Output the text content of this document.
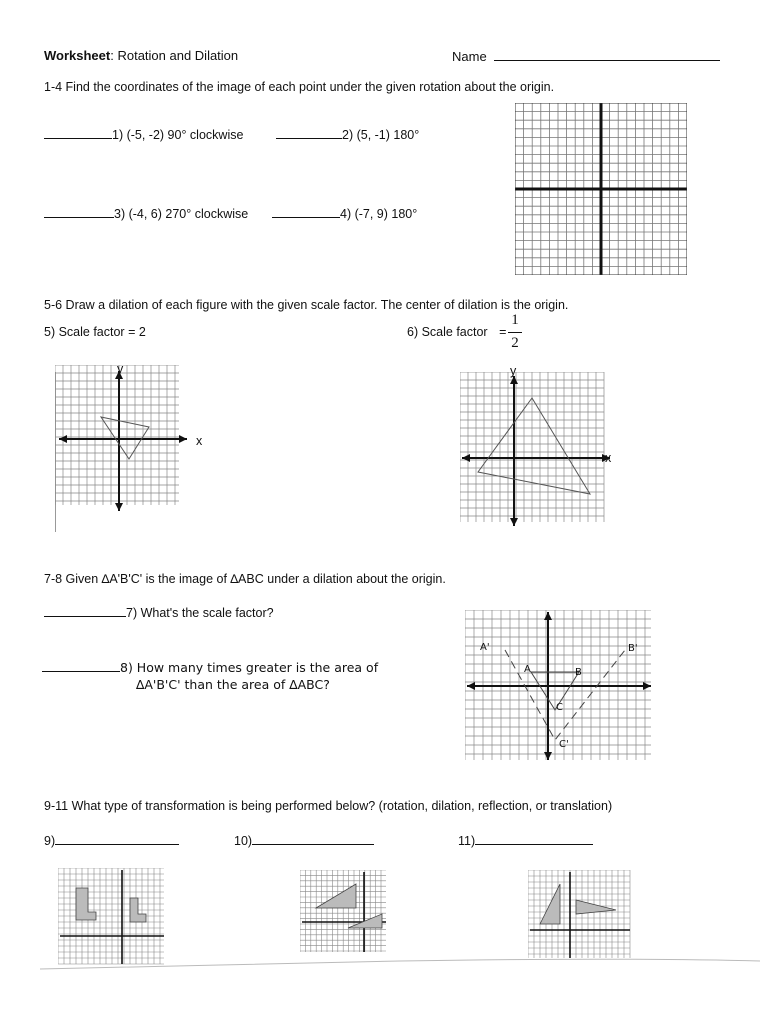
Worksheet: Rotation and Dilation	Name
1-4 Find the coordinates of the image of each point under the given rotation about the origin.
1) (-5, -2) 90° clockwise	2) (5, -1) 180°
3) (-4, 6) 270° clockwise	4) (-7, 9) 180°
5-6 Draw a dilation of each figure with the given scale factor. The center of dilation is the origin.
5) Scale factor = 2	6) Scale factor =
1
2
y
x
y
x
7-8 Given ∆A'B'C' is the image of ∆ABC under a dilation about the origin.
7) What's the scale factor?
8) How many times greater is the area of
∆A'B'C' than the area of ∆ABC?
A'
A	B
B'
C
C'
9-11 What type of transformation is being performed below? (rotation, dilation, reflection, or translation)
9)	10)	11)
